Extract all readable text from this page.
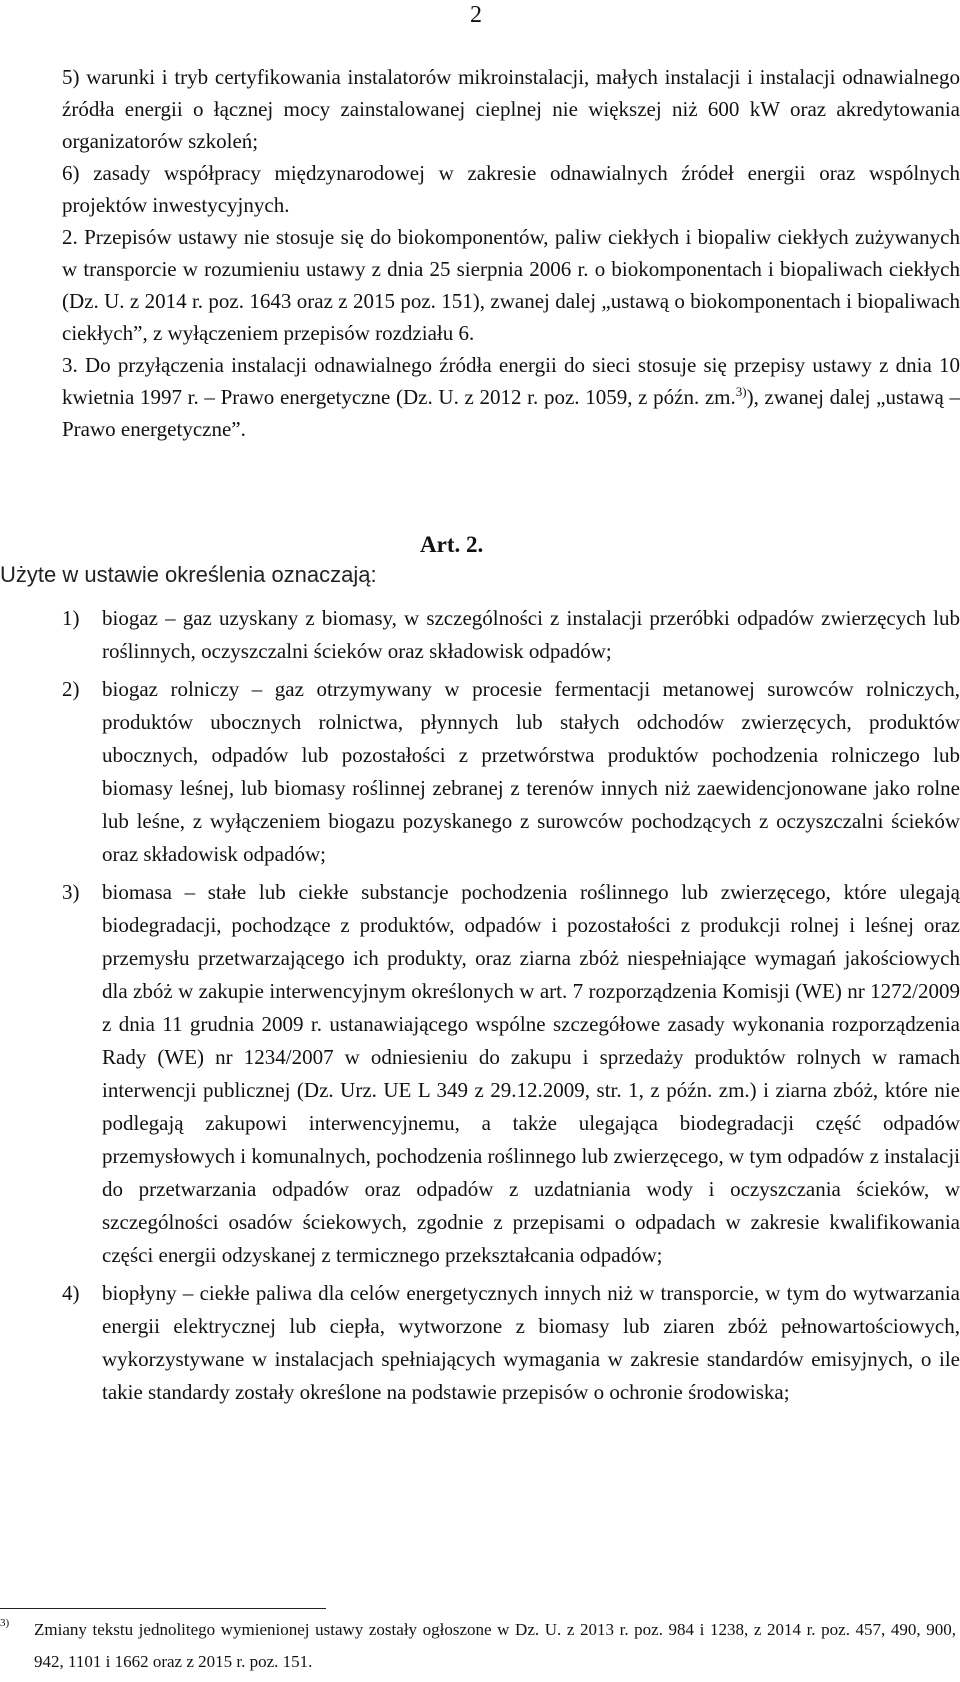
2

5) warunki i tryb certyfikowania instalatorów mikroinstalacji, małych instalacji i instalacji odnawialnego źródła energii o łącznej mocy zainstalowanej cieplnej nie większej niż 600 kW oraz akredytowania organizatorów szkoleń;

6) zasady współpracy międzynarodowej w zakresie odnawialnych źródeł energii oraz wspólnych projektów inwestycyjnych.

2. Przepisów ustawy nie stosuje się do biokomponentów, paliw ciekłych i biopaliw ciekłych zużywanych w transporcie w rozumieniu ustawy z dnia 25 sierpnia 2006 r. o biokomponentach i biopaliwach ciekłych (Dz. U. z 2014 r. poz. 1643 oraz z 2015 poz. 151), zwanej dalej „ustawą o biokomponentach i biopaliwach ciekłych”, z wyłączeniem przepisów rozdziału 6.

3. Do przyłączenia instalacji odnawialnego źródła energii do sieci stosuje się przepisy ustawy z dnia 10 kwietnia 1997 r. – Prawo energetyczne (Dz. U. z 2012 r. poz. 1059, z późn. zm.$^{3)}$), zwanej dalej „ustawą – Prawo energetyczne”.

Art. 2.

Użyte w ustawie określenia oznaczają:

1) biogaz – gaz uzyskany z biomasy, w szczególności z instalacji przeróbki odpadów zwierzęcych lub roślinnych, oczyszczalni ścieków oraz składowisk odpadów;
2) biogaz rolniczy – gaz otrzymywany w procesie fermentacji metanowej surowców rolniczych, produktów ubocznych rolnictwa, płynnych lub stałych odchodów zwierzęcych, produktów ubocznych, odpadów lub pozostałości z przetwórstwa produktów pochodzenia rolniczego lub biomasy leśnej, lub biomasy roślinnej zebranej z terenów innych niż zaewidencjonowane jako rolne lub leśne, z wyłączeniem biogazu pozyskanego z surowców pochodzących z oczyszczalni ścieków oraz składowisk odpadów;
3) biomasa – stałe lub ciekłe substancje pochodzenia roślinnego lub zwierzęcego, które ulegają biodegradacji, pochodzące z produktów, odpadów i pozostałości z produkcji rolnej i leśnej oraz przemysłu przetwarzającego ich produkty, oraz ziarna zbóż niespełniające wymagań jakościowych dla zbóż w zakupie interwencyjnym określonych w art. 7 rozporządzenia Komisji (WE) nr 1272/2009 z dnia 11 grudnia 2009 r. ustanawiającego wspólne szczegółowe zasady wykonania rozporządzenia Rady (WE) nr 1234/2007 w odniesieniu do zakupu i sprzedaży produktów rolnych w ramach interwencji publicznej (Dz. Urz. UE L 349 z 29.12.2009, str. 1, z późn. zm.) i ziarna zbóż, które nie podlegają zakupowi interwencyjnemu, a także ulegająca biodegradacji część odpadów przemysłowych i komunalnych, pochodzenia roślinnego lub zwierzęcego, w tym odpadów z instalacji do przetwarzania odpadów oraz odpadów z uzdatniania wody i oczyszczania ścieków, w szczególności osadów ściekowych, zgodnie z przepisami o odpadach w zakresie kwalifikowania części energii odzyskanej z termicznego przekształcania odpadów;
4) biopłyny – ciekłe paliwa dla celów energetycznych innych niż w transporcie, w tym do wytwarzania energii elektrycznej lub ciepła, wytworzone z biomasy lub ziaren zbóż pełnowartościowych, wykorzystywane w instalacjach spełniających wymagania w zakresie standardów emisyjnych, o ile takie standardy zostały określone na podstawie przepisów o ochronie środowiska;
3) Zmiany tekstu jednolitego wymienionej ustawy zostały ogłoszone w Dz. U. z 2013 r. poz. 984 i 1238, z 2014 r. poz. 457, 490, 900, 942, 1101 i 1662 oraz z 2015 r. poz. 151.
